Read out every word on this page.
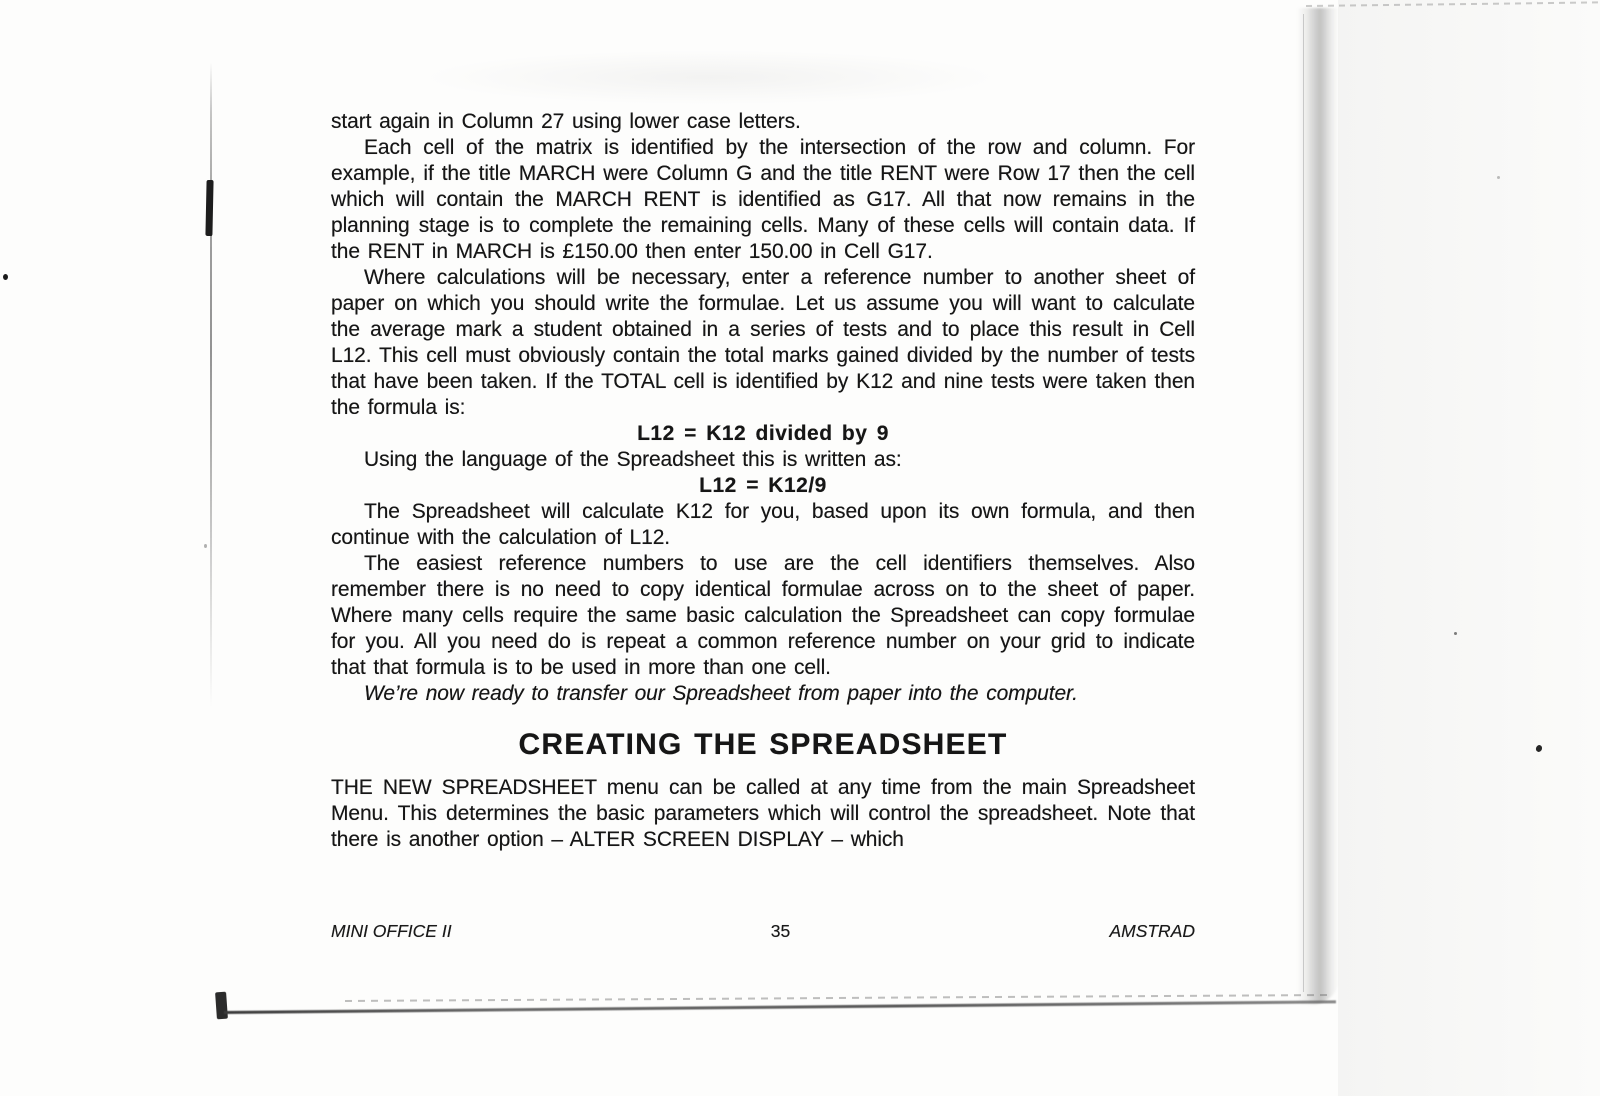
start again in Column 27 using lower case letters.

Each cell of the matrix is identified by the intersection of the row and column. For example, if the title MARCH were Column G and the title RENT were Row 17 then the cell which will contain the MARCH RENT is identified as G17. All that now remains in the planning stage is to complete the remaining cells. Many of these cells will contain data. If the RENT in MARCH is £150.00 then enter 150.00 in Cell G17.

Where calculations will be necessary, enter a reference number to another sheet of paper on which you should write the formulae. Let us assume you will want to calculate the average mark a student obtained in a series of tests and to place this result in Cell L12. This cell must obviously contain the total marks gained divided by the number of tests that have been taken. If the TOTAL cell is identified by K12 and nine tests were taken then the formula is:

L12 = K12 divided by 9

Using the language of the Spreadsheet this is written as:

L12 = K12/9

The Spreadsheet will calculate K12 for you, based upon its own formula, and then continue with the calculation of L12.

The easiest reference numbers to use are the cell identifiers themselves. Also remember there is no need to copy identical formulae across on to the sheet of paper. Where many cells require the same basic calculation the Spreadsheet can copy formulae for you. All you need do is repeat a common reference number on your grid to indicate that that formula is to be used in more than one cell.

We’re now ready to transfer our Spreadsheet from paper into the computer.

CREATING THE SPREADSHEET

THE NEW SPREADSHEET menu can be called at any time from the main Spreadsheet Menu. This determines the basic parameters which will control the spreadsheet. Note that there is another option – ALTER SCREEN DISPLAY – which

MINI OFFICE II	35	AMSTRAD
